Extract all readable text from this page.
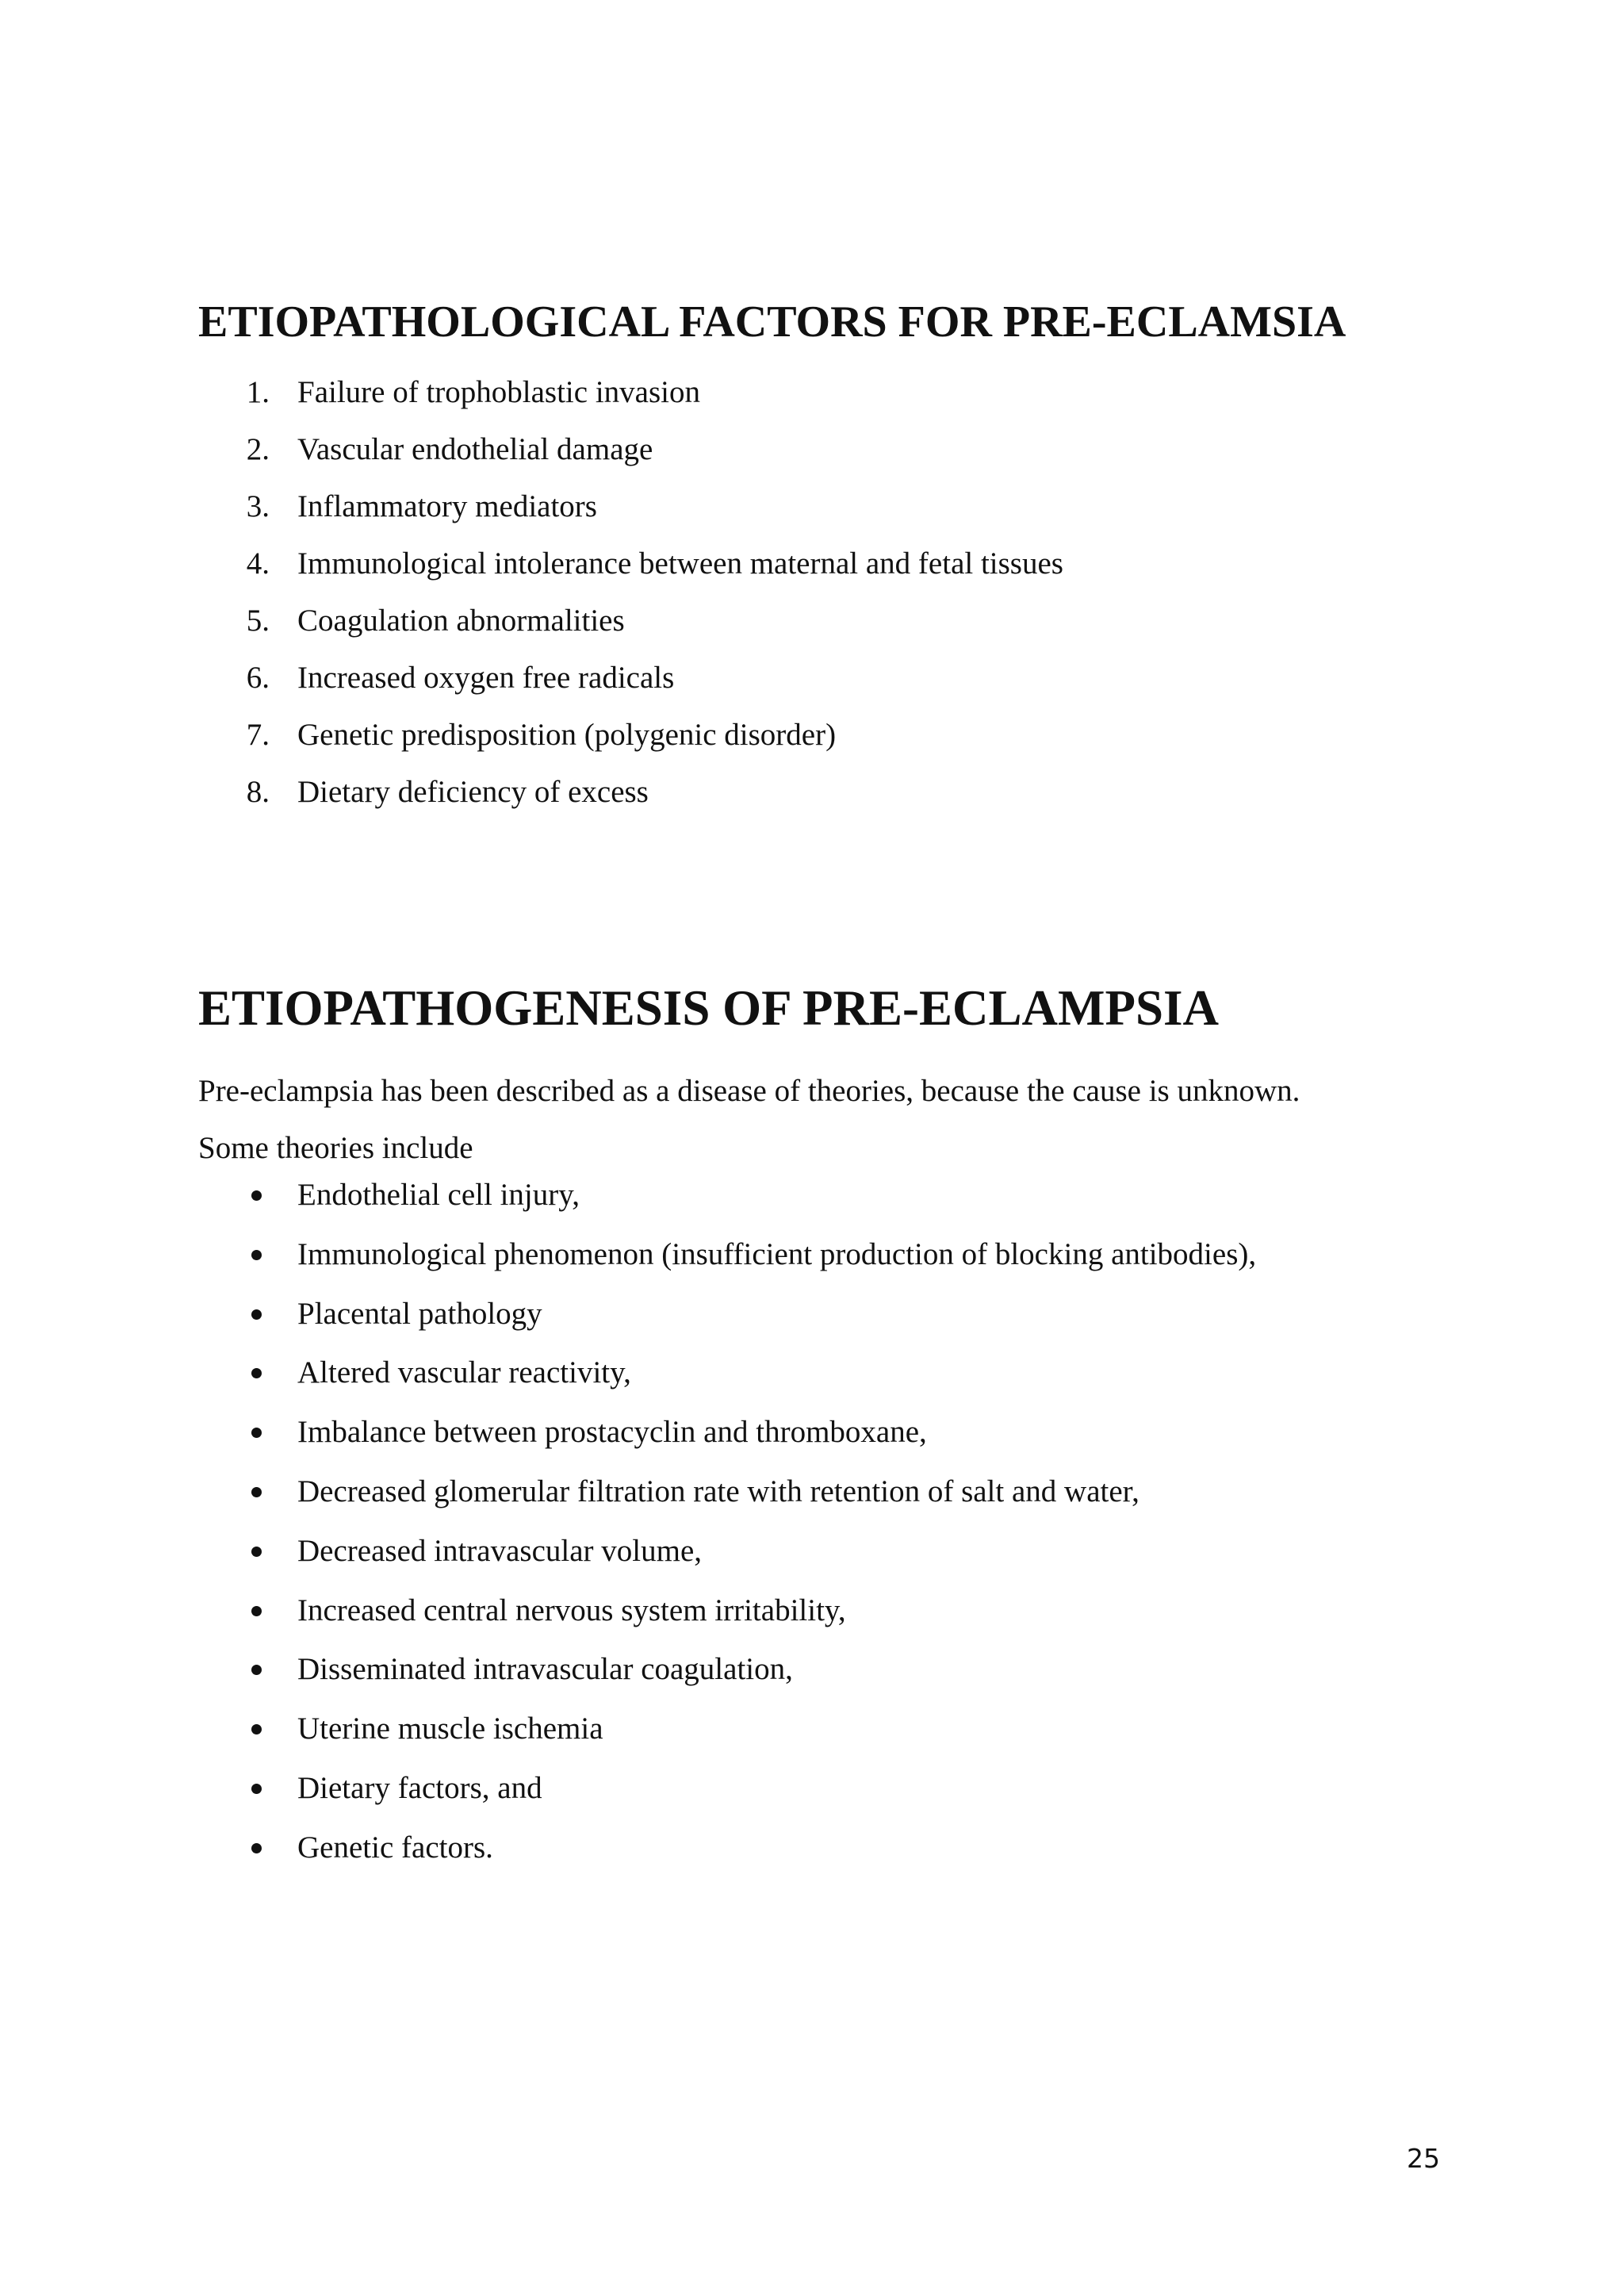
ETIOPATHOLOGICAL FACTORS FOR PRE-ECLAMSIA
1. Failure of trophoblastic invasion
2. Vascular endothelial damage
3. Inflammatory mediators
4. Immunological intolerance between maternal and fetal tissues
5. Coagulation abnormalities
6. Increased oxygen free radicals
7. Genetic predisposition (polygenic disorder)
8. Dietary deficiency of excess
ETIOPATHOGENESIS OF PRE-ECLAMPSIA
Pre-eclampsia has been described as a disease of theories, because the cause is unknown.
Some theories include
Endothelial cell injury,
Immunological phenomenon (insufficient production of blocking antibodies),
Placental pathology
Altered vascular reactivity,
Imbalance between prostacyclin and thromboxane,
Decreased glomerular filtration rate with retention of salt and water,
Decreased intravascular volume,
Increased central nervous system irritability,
Disseminated intravascular coagulation,
Uterine muscle ischemia
Dietary factors, and
Genetic factors.
25
